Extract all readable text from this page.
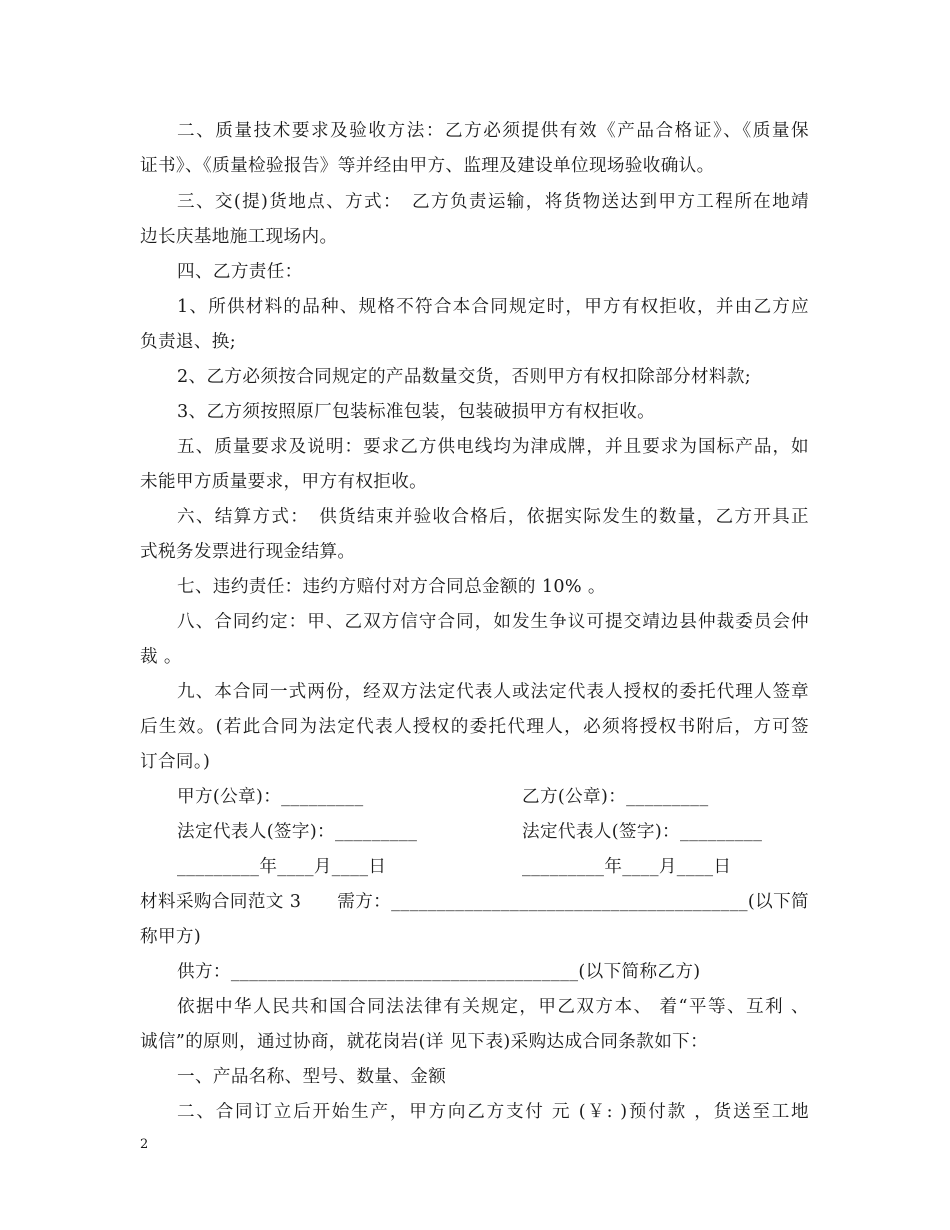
二、质量技术要求及验收方法：乙方必须提供有效《产品合格证》、《质量保
证书》、《质量检验报告》等并经由甲方、监理及建设单位现场验收确认。
三、交(提)货地点、方式：　乙方负责运输，将货物送达到甲方工程所在地靖
边长庆基地施工现场内。
四、乙方责任：
1、所供材料的品种、规格不符合本合同规定时，甲方有权拒收，并由乙方应
负责退、换;
2、乙方必须按合同规定的产品数量交货，否则甲方有权扣除部分材料款;
3、乙方须按照原厂包装标准包装，包装破损甲方有权拒收。
五、质量要求及说明：要求乙方供电线均为津成牌，并且要求为国标产品，如
未能甲方质量要求，甲方有权拒收。
六、结算方式：　供货结束并验收合格后，依据实际发生的数量，乙方开具正
式税务发票进行现金结算。
七、违约责任：违约方赔付对方合同总金额的 10% 。
八、合同约定：甲、乙双方信守合同，如发生争议可提交靖边县仲裁委员会仲
裁 。
九、本合同一式两份，经双方法定代表人或法定代表人授权的委托代理人签章
后生效。(若此合同为法定代表人授权的委托代理人，必须将授权书附后，方可签
订合同。)
甲方(公章)：_________	乙方(公章)：_________
法定代表人(签字)：_________	法定代表人(签字)：_________
_________年____月____日	_________年____月____日
材料采购合同范文 3　　需方：_______________________________________(以下简
称甲方)
供方：______________________________________(以下简称乙方)
依据中华人民共和国合同法法律有关规定，甲乙双方本、 着“平等、互利 、
诚信”的原则，通过协商，就花岗岩(详 见下表)采购达成合同条款如下：
一、产品名称、型号、数量、金额
二、合同订立后开始生产，甲方向乙方支付 元 (￥: )预付款 ，货送至工地
2
